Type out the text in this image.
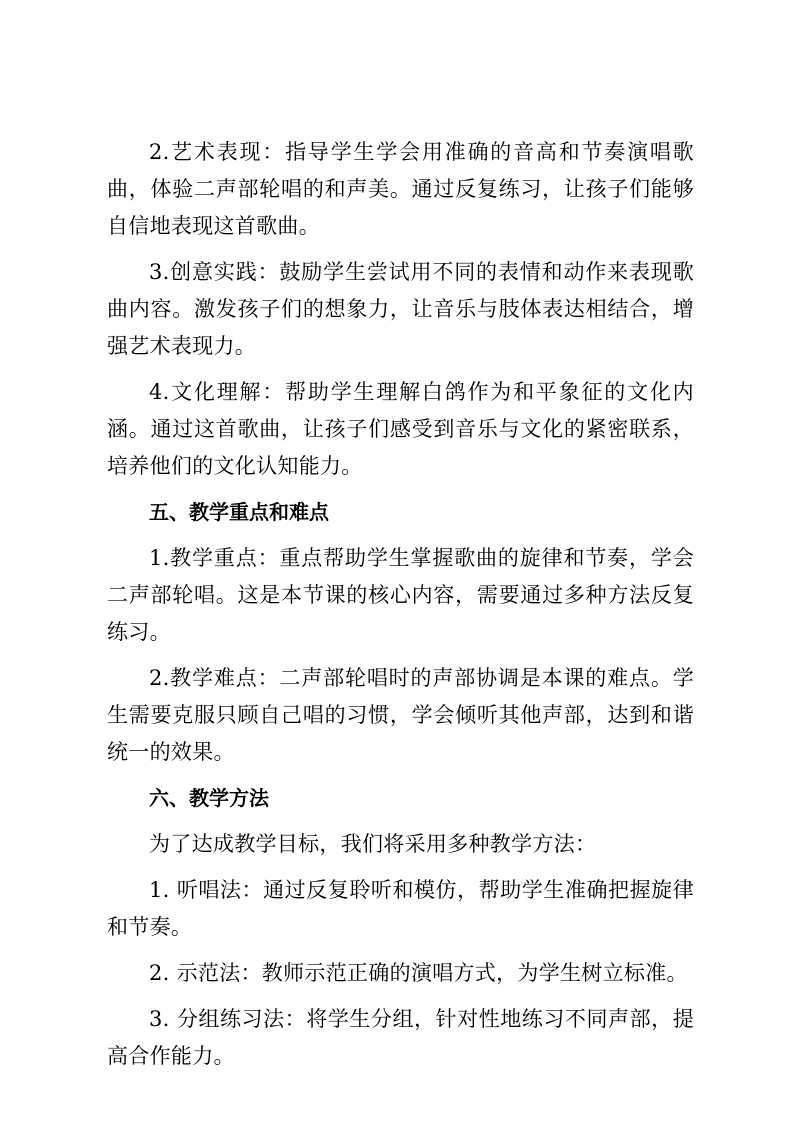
2.艺术表现：指导学生学会用准确的音高和节奏演唱歌曲，体验二声部轮唱的和声美。通过反复练习，让孩子们能够自信地表现这首歌曲。

3.创意实践：鼓励学生尝试用不同的表情和动作来表现歌曲内容。激发孩子们的想象力，让音乐与肢体表达相结合，增强艺术表现力。

4.文化理解：帮助学生理解白鸽作为和平象征的文化内涵。通过这首歌曲，让孩子们感受到音乐与文化的紧密联系，培养他们的文化认知能力。

五、教学重点和难点

1.教学重点：重点帮助学生掌握歌曲的旋律和节奏，学会二声部轮唱。这是本节课的核心内容，需要通过多种方法反复练习。

2.教学难点：二声部轮唱时的声部协调是本课的难点。学生需要克服只顾自己唱的习惯，学会倾听其他声部，达到和谐统一的效果。

六、教学方法

为了达成教学目标，我们将采用多种教学方法：

1. 听唱法：通过反复聆听和模仿，帮助学生准确把握旋律和节奏。

2. 示范法：教师示范正确的演唱方式，为学生树立标准。

3. 分组练习法：将学生分组，针对性地练习不同声部，提高合作能力。
